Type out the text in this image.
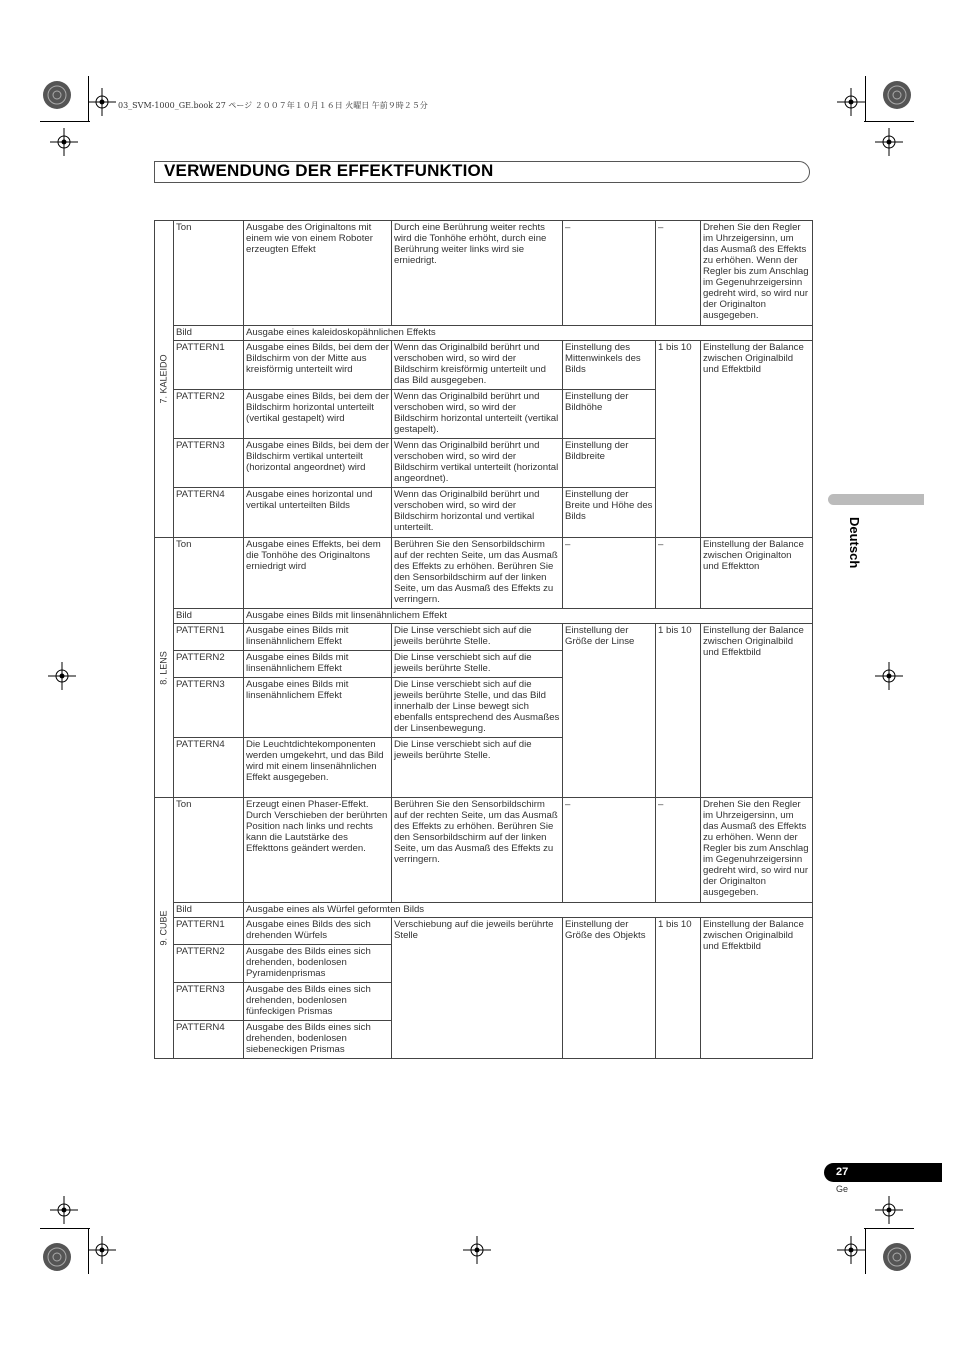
03_SVM-1000_GE.book 27 ページ ２００７年１０月１６日 火曜日 午前９時２５分
VERWENDUNG DER EFFEKTFUNKTION
Deutsch
7. KALEIDO	Ton	Ausgabe des Originaltons mit einem wie von einem Roboter erzeugten Effekt	Durch eine Berührung weiter rechts wird die Tonhöhe erhöht, durch eine Berührung weiter links wird sie erniedrigt.	–	–	Drehen Sie den Regler im Uhrzeigersinn, um das Ausmaß des Effekts zu erhöhen. Wenn der Regler bis zum Anschlag im Gegenuhrzeigersinn gedreht wird, so wird nur der Originalton ausgegeben.
	Bild	Ausgabe eines kaleidoskopähnlichen Effekts				
	PATTERN1	Ausgabe eines Bilds, bei dem der Bildschirm von der Mitte aus kreisförmig unterteilt wird	Wenn das Originalbild berührt und verschoben wird, so wird der Bildschirm kreisförmig unterteilt und das Bild ausgegeben.	Einstellung des Mittenwinkels des Bilds	1 bis 10	Einstellung der Balance zwischen Originalbild und Effektbild
	PATTERN2	Ausgabe eines Bilds, bei dem der Bildschirm horizontal unterteilt (vertikal gestapelt) wird	Wenn das Originalbild berührt und verschoben wird, so wird der Bildschirm horizontal unterteilt (vertikal gestapelt).	Einstellung der Bildhöhe		
	PATTERN3	Ausgabe eines Bilds, bei dem der Bildschirm vertikal unterteilt (horizontal angeordnet) wird	Wenn das Originalbild berührt und verschoben wird, so wird der Bildschirm vertikal unterteilt (horizontal angeordnet).	Einstellung der Bildbreite		
	PATTERN4	Ausgabe eines horizontal und vertikal unterteilten Bilds	Wenn das Originalbild berührt und verschoben wird, so wird der Bildschirm horizontal und vertikal unterteilt.	Einstellung der Breite und Höhe des Bilds		

8. LENS	Ton	Ausgabe eines Effekts, bei dem die Tonhöhe des Originaltons erniedrigt wird	Berühren Sie den Sensorbildschirm auf der rechten Seite, um das Ausmaß des Effekts zu erhöhen. Berühren Sie den Sensorbildschirm auf der linken Seite, um das Ausmaß des Effekts zu verringern.	–	–	Einstellung der Balance zwischen Originalton und Effektton
	Bild	Ausgabe eines Bilds mit linsenähnlichem Effekt				
	PATTERN1	Ausgabe eines Bilds mit linsenähnlichem Effekt	Die Linse verschiebt sich auf die jeweils berührte Stelle.	Einstellung der Größe der Linse	1 bis 10	Einstellung der Balance zwischen Originalbild und Effektbild
	PATTERN2	Ausgabe eines Bilds mit linsenähnlichem Effekt	Die Linse verschiebt sich auf die jeweils berührte Stelle.			
	PATTERN3	Ausgabe eines Bilds mit linsenähnlichem Effekt	Die Linse verschiebt sich auf die jeweils berührte Stelle, und das Bild innerhalb der Linse bewegt sich ebenfalls entsprechend des Ausmaßes der Linsenbewegung.			
	PATTERN4	Die Leuchtdichtekomponenten werden umgekehrt, und das Bild wird mit einem linsenähnlichen Effekt ausgegeben.	Die Linse verschiebt sich auf die jeweils berührte Stelle.			

9. CUBE	Ton	Erzeugt einen Phaser-Effekt. Durch Verschieben der berührten Position nach links und rechts kann die Lautstärke des Effekttons geändert werden.	Berühren Sie den Sensorbildschirm auf der rechten Seite, um das Ausmaß des Effekts zu erhöhen. Berühren Sie den Sensorbildschirm auf der linken Seite, um das Ausmaß des Effekts zu verringern.	–	–	Drehen Sie den Regler im Uhrzeigersinn, um das Ausmaß des Effekts zu erhöhen. Wenn der Regler bis zum Anschlag im Gegenuhrzeigersinn gedreht wird, so wird nur der Originalton ausgegeben.
	Bild	Ausgabe eines als Würfel geformten Bilds				
	PATTERN1	Ausgabe eines Bilds des sich drehenden Würfels	Verschiebung auf die jeweils berührte Stelle	Einstellung der Größe des Objekts	1 bis 10	Einstellung der Balance zwischen Originalbild und Effektbild
	PATTERN2	Ausgabe des Bilds eines sich drehenden, bodenlosen Pyramidenprismas				
	PATTERN3	Ausgabe des Bilds eines sich drehenden, bodenlosen fünfeckigen Prismas				
	PATTERN4	Ausgabe des Bilds eines sich drehenden, bodenlosen siebeneckigen Prismas				
27
Ge
